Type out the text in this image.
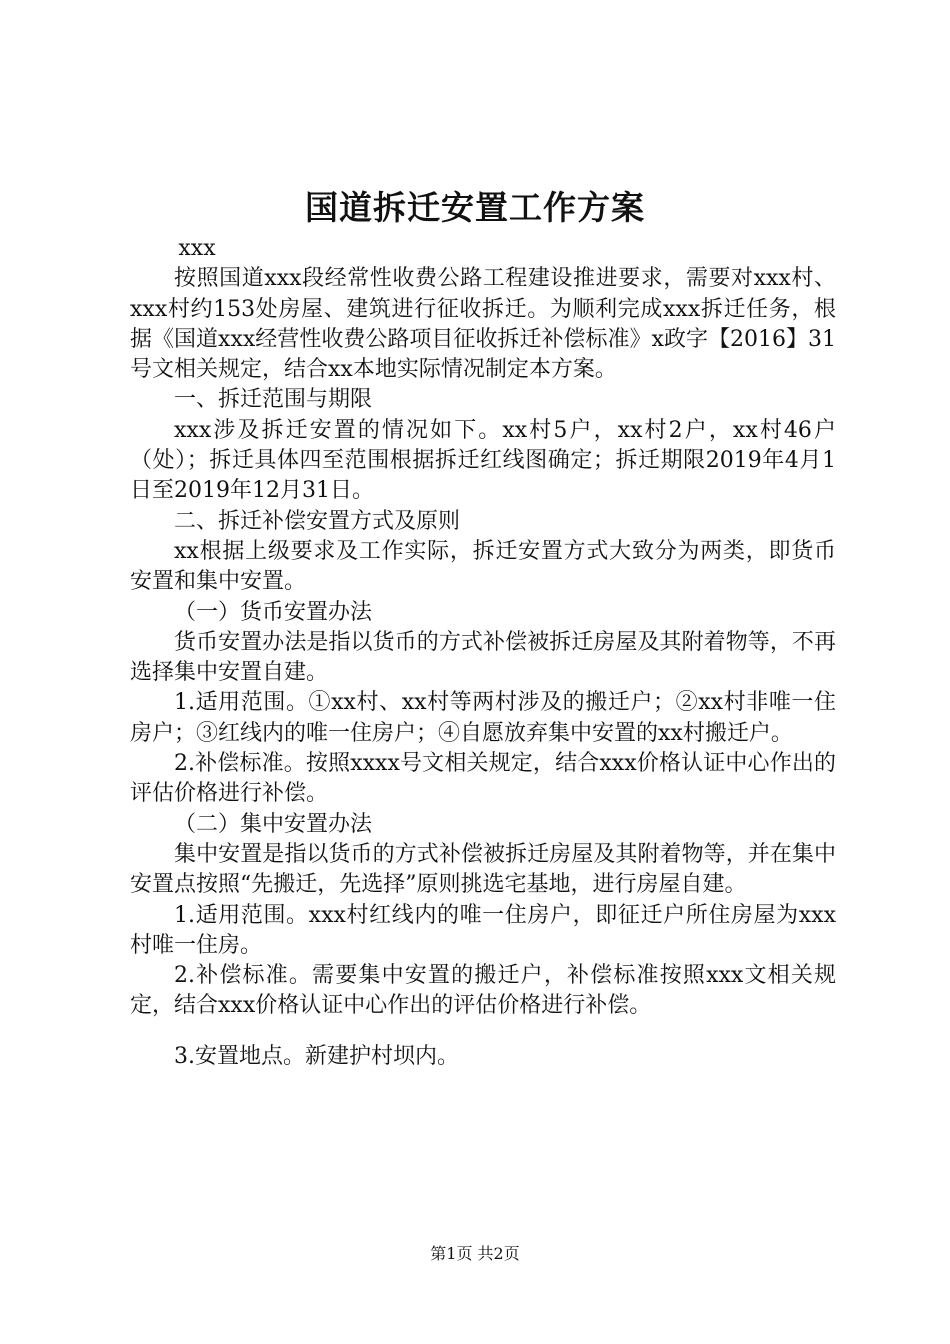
国道拆迁安置工作方案

xxx

按照国道xxx段经常性收费公路工程建设推进要求，需要对xxx村、xxx村约153处房屋、建筑进行征收拆迁。为顺利完成xxx拆迁任务，根据《国道xxx经营性收费公路项目征收拆迁补偿标准》x政字【2016】31号文相关规定，结合xx本地实际情况制定本方案。

一、拆迁范围与期限

xxx涉及拆迁安置的情况如下。xx村5户，xx村2户，xx村46户（处）；拆迁具体四至范围根据拆迁红线图确定；拆迁期限2019年4月1日至2019年12月31日。

二、拆迁补偿安置方式及原则

xx根据上级要求及工作实际，拆迁安置方式大致分为两类，即货币安置和集中安置。

（一）货币安置办法

货币安置办法是指以货币的方式补偿被拆迁房屋及其附着物等，不再选择集中安置自建。

1.适用范围。①xx村、xx村等两村涉及的搬迁户；②xx村非唯一住房户；③红线内的唯一住房户；④自愿放弃集中安置的xx村搬迁户。

2.补偿标准。按照xxxx号文相关规定，结合xxx价格认证中心作出的评估价格进行补偿。

（二）集中安置办法

集中安置是指以货币的方式补偿被拆迁房屋及其附着物等，并在集中安置点按照“先搬迁，先选择”原则挑选宅基地，进行房屋自建。

1.适用范围。xxx村红线内的唯一住房户，即征迁户所住房屋为xxx村唯一住房。

2.补偿标准。需要集中安置的搬迁户，补偿标准按照xxx文相关规定，结合xxx价格认证中心作出的评估价格进行补偿。

3.安置地点。新建护村坝内。

第1页 共2页
